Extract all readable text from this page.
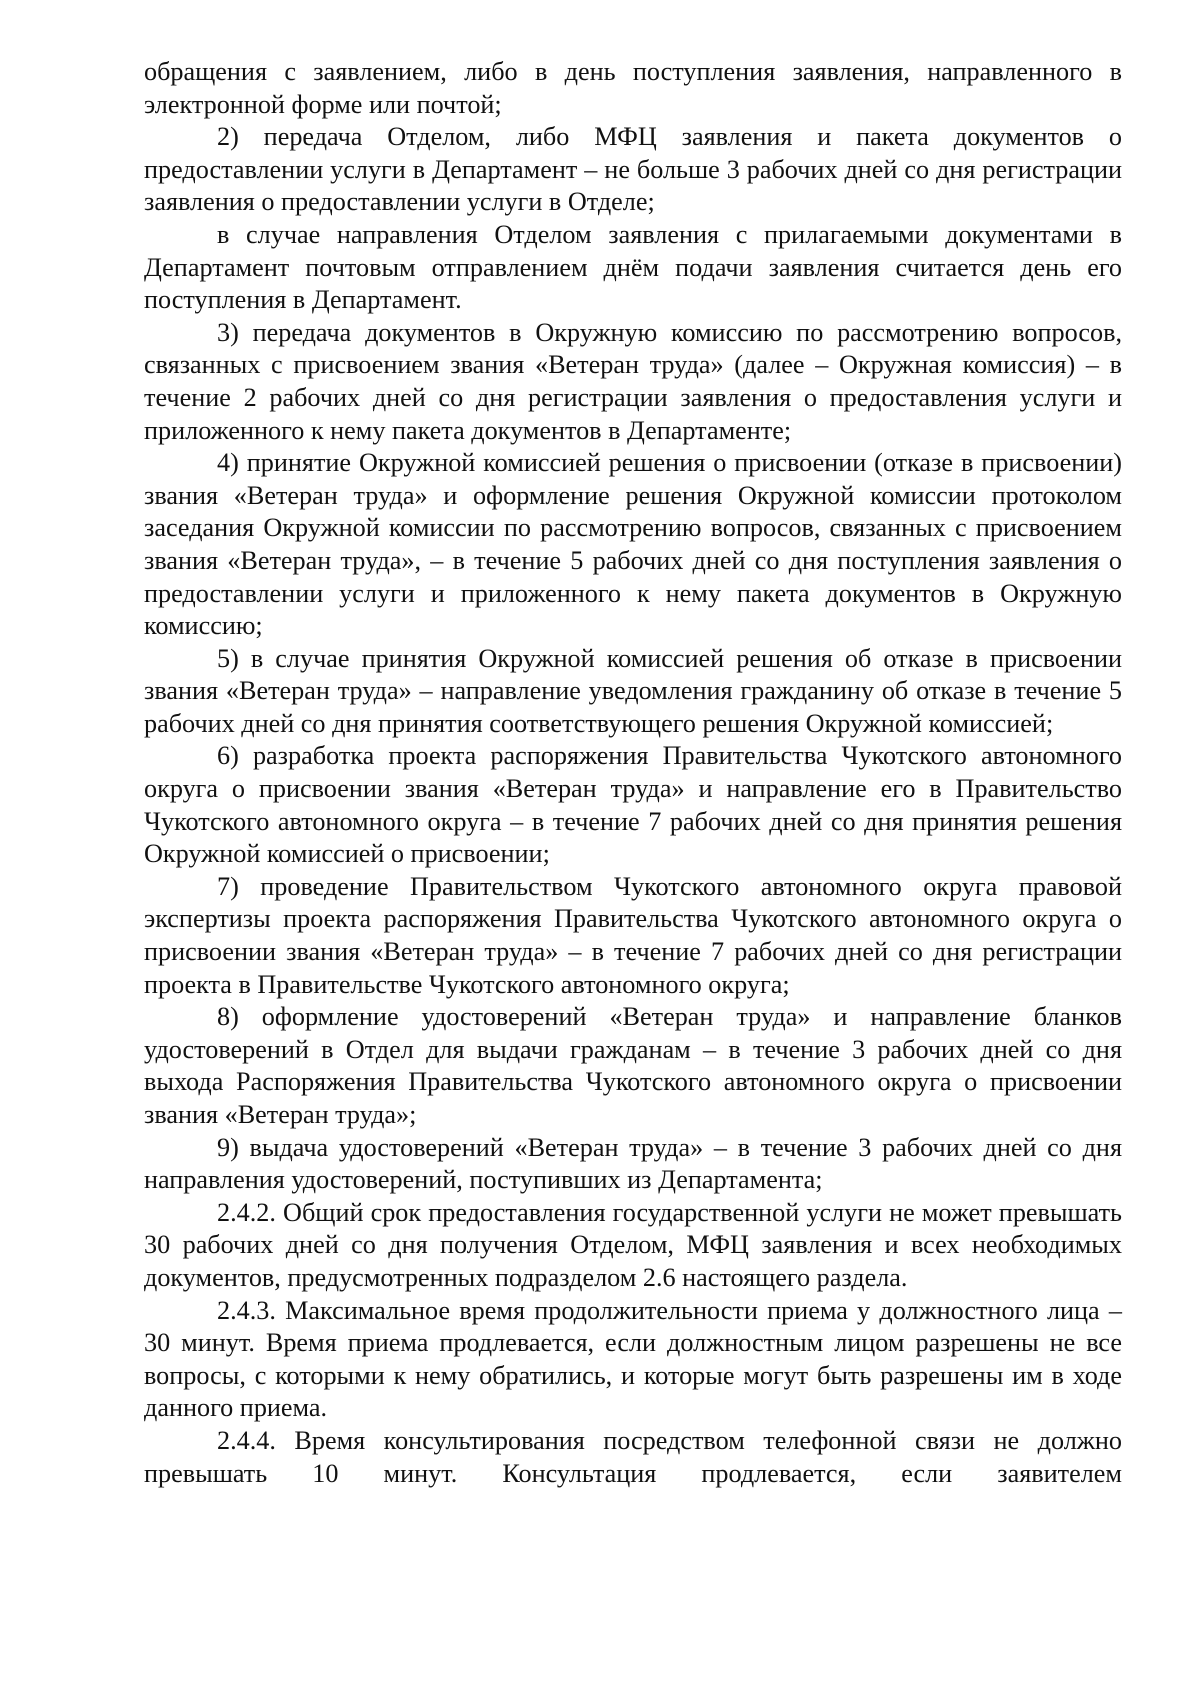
обращения с заявлением, либо в день поступления заявления, направленного в электронной форме или почтой;

2) передача Отделом, либо МФЦ заявления и пакета документов о предоставлении услуги в Департамент – не больше 3 рабочих дней со дня регистрации заявления о предоставлении услуги в Отделе;

в случае направления Отделом заявления с прилагаемыми документами в Департамент почтовым отправлением днём подачи заявления считается день его поступления в Департамент.

3) передача документов в Окружную комиссию по рассмотрению вопросов, связанных с присвоением звания «Ветеран труда» (далее – Окружная комиссия) – в течение 2 рабочих дней со дня регистрации заявления о предоставления услуги и приложенного к нему пакета документов в Департаменте;

4) принятие Окружной комиссией решения о присвоении (отказе в присвоении) звания «Ветеран труда» и оформление решения Окружной комиссии протоколом заседания Окружной комиссии по рассмотрению вопросов, связанных с присвоением звания «Ветеран труда», – в течение 5 рабочих дней со дня поступления заявления о предоставлении услуги и приложенного к нему пакета документов в Окружную комиссию;

5) в случае принятия Окружной комиссией решения об отказе в присвоении звания «Ветеран труда» – направление уведомления гражданину об отказе в течение 5 рабочих дней со дня принятия соответствующего решения Окружной комиссией;

6) разработка проекта распоряжения Правительства Чукотского автономного округа о присвоении звания «Ветеран труда» и направление его в Правительство Чукотского автономного округа – в течение 7 рабочих дней со дня принятия решения Окружной комиссией о присвоении;

7) проведение Правительством Чукотского автономного округа правовой экспертизы проекта распоряжения Правительства Чукотского автономного округа о присвоении звания «Ветеран труда» – в течение 7 рабочих дней со дня регистрации проекта в Правительстве Чукотского автономного округа;

8) оформление удостоверений «Ветеран труда» и направление бланков удостоверений в Отдел для выдачи гражданам – в течение 3 рабочих дней со дня выхода Распоряжения Правительства Чукотского автономного округа о присвоении звания «Ветеран труда»;

9) выдача удостоверений «Ветеран труда» – в течение 3 рабочих дней со дня направления удостоверений, поступивших из Департамента;

2.4.2. Общий срок предоставления государственной услуги не может превышать 30 рабочих дней со дня получения Отделом, МФЦ заявления и всех необходимых документов, предусмотренных подразделом 2.6 настоящего раздела.

2.4.3. Максимальное время продолжительности приема у должностного лица – 30 минут. Время приема продлевается, если должностным лицом разрешены не все вопросы, с которыми к нему обратились, и которые могут быть разрешены им в ходе данного приема.

2.4.4. Время консультирования посредством телефонной связи не должно превышать 10 минут. Консультация продлевается, если заявителем
